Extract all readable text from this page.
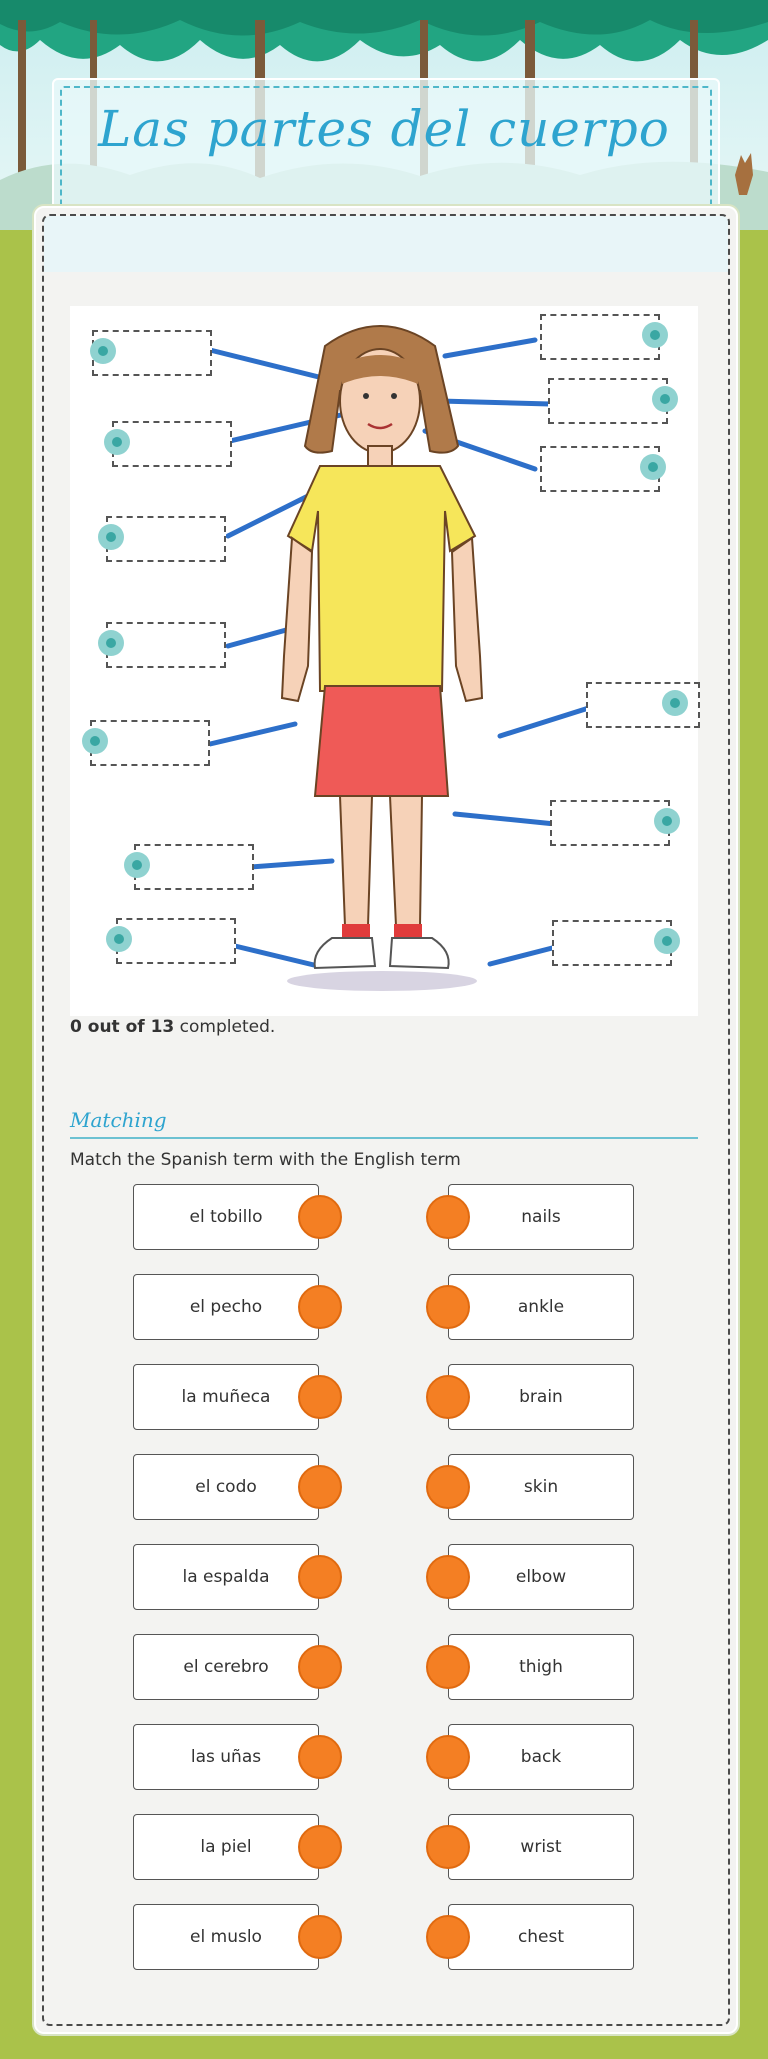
Las partes del cuerpo
0 out of 13 completed.
Matching
Match the Spanish term with the English term
el tobillo
el pecho
la muñeca
el codo
la espalda
el cerebro
las uñas
la piel
el muslo
nails
ankle
brain
skin
elbow
thigh
back
wrist
chest
